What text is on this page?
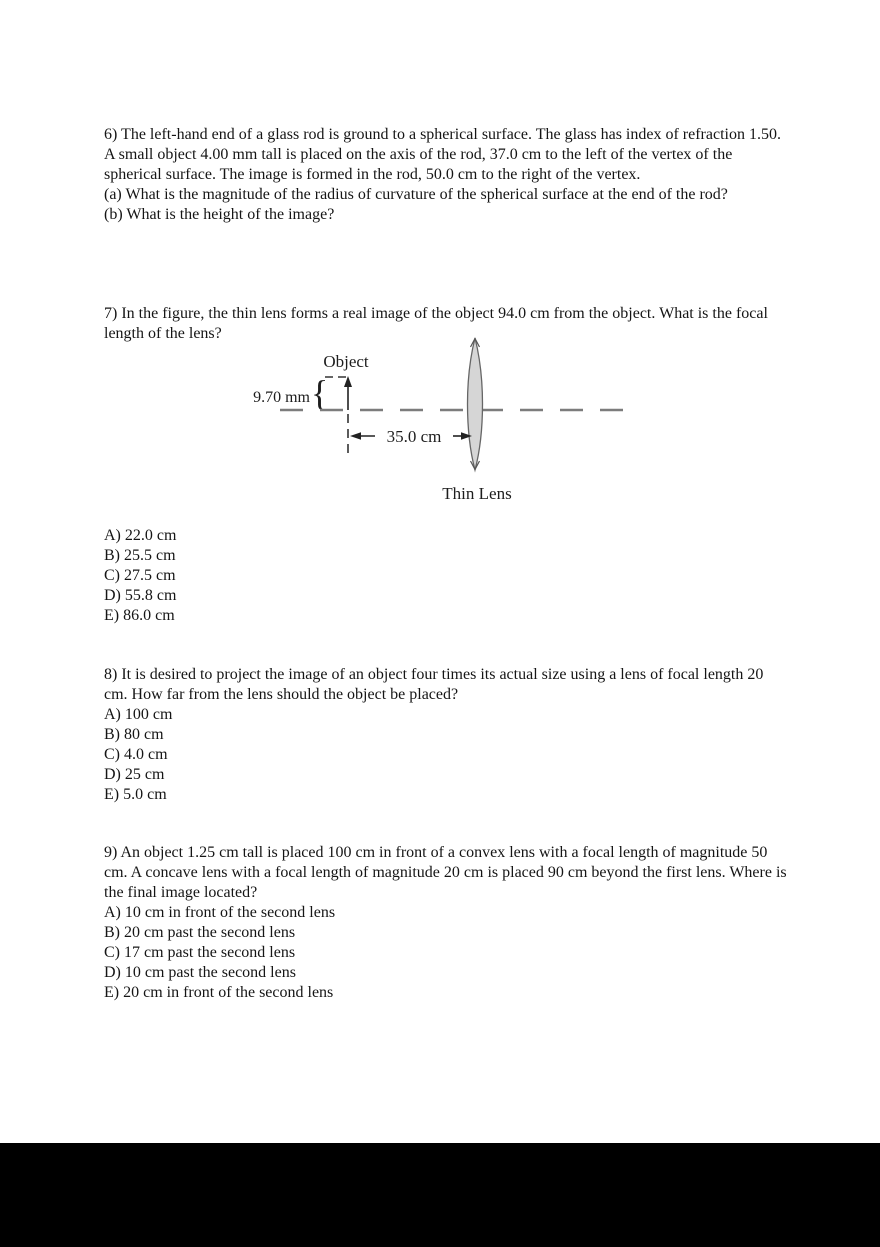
6) The left-hand end of a glass rod is ground to a spherical surface. The glass has index of refraction 1.50. A small object 4.00 mm tall is placed on the axis of the rod, 37.0 cm to the left of the vertex of the spherical surface. The image is formed in the rod, 50.0 cm to the right of the vertex.

(a) What is the magnitude of the radius of curvature of the spherical surface at the end of the rod?

(b) What is the height of the image?

7) In the figure, the thin lens forms a real image of the object 94.0 cm from the object. What is the focal length of the lens?

Object
9.70 mm {
35.0 cm
Thin Lens
A) 22.0 cm
B) 25.5 cm
C) 27.5 cm
D) 55.8 cm
E) 86.0 cm

8) It is desired to project the image of an object four times its actual size using a lens of focal length 20 cm. How far from the lens should the object be placed?

A) 100 cm
B) 80 cm
C) 4.0 cm
D) 25 cm
E) 5.0 cm

9) An object 1.25 cm tall is placed 100 cm in front of a convex lens with a focal length of magnitude 50 cm. A concave lens with a focal length of magnitude 20 cm is placed 90 cm beyond the first lens. Where is the final image located?

A) 10 cm in front of the second lens
B) 20 cm past the second lens
C) 17 cm past the second lens
D) 10 cm past the second lens
E) 20 cm in front of the second lens
